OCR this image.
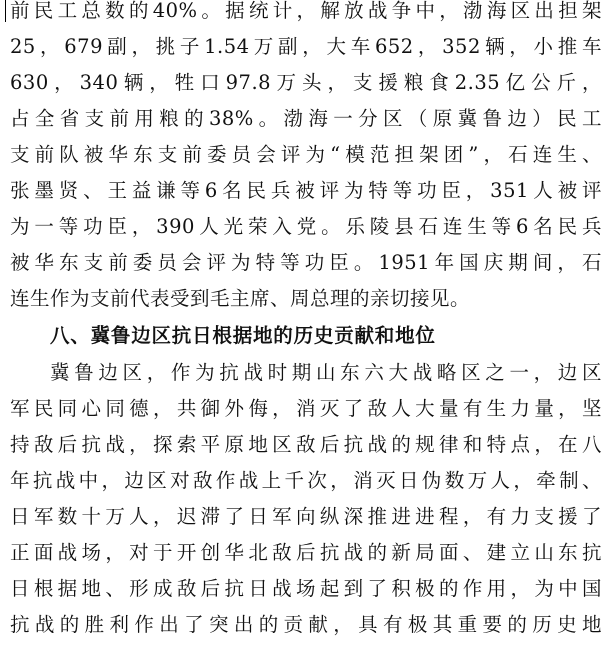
前民工总数的40%。据统计，解放战争中，渤海区出担架
25，679副，挑子1.54万副，大车652，352辆，小推车
630，340辆，牲口97.8万头，支援粮食2.35亿公斤，
占全省支前用粮的38%。渤海一分区（原冀鲁边）民工
支前队被华东支前委员会评为“模范担架团”，石连生、
张墨贤、王益谦等6名民兵被评为特等功臣，351人被评
为一等功臣，390人光荣入党。乐陵县石连生等6名民兵
被华东支前委员会评为特等功臣。1951年国庆期间，石
连生作为支前代表受到毛主席、周总理的亲切接见。
八、冀鲁边区抗日根据地的历史贡献和地位
冀鲁边区，作为抗战时期山东六大战略区之一，边区
军民同心同德，共御外侮，消灭了敌人大量有生力量，坚
持敌后抗战，探索平原地区敌后抗战的规律和特点，在八
年抗战中，边区对敌作战上千次，消灭日伪数万人，牵制、
日军数十万人，迟滞了日军向纵深推进进程，有力支援了
正面战场，对于开创华北敌后抗战的新局面、建立山东抗
日根据地、形成敌后抗日战场起到了积极的作用，为中国
抗战的胜利作出了突出的贡献，具有极其重要的历史地
